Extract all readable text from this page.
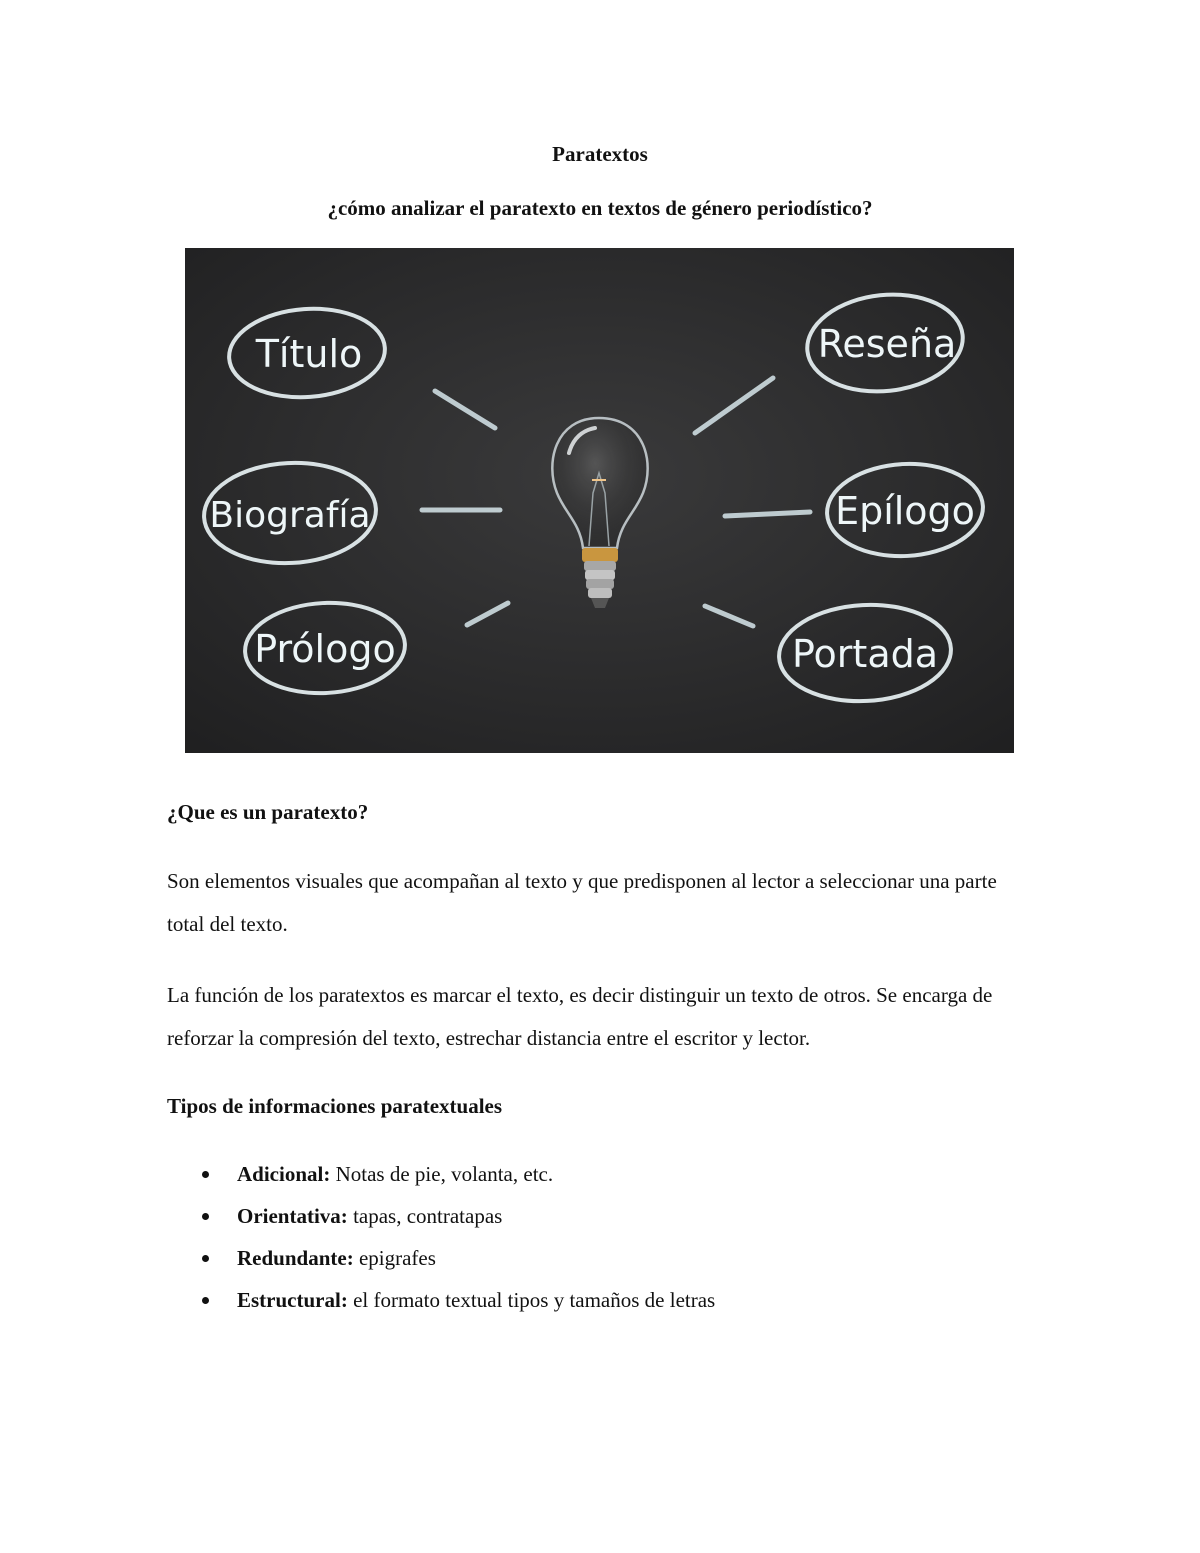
Paratextos
¿cómo analizar el paratexto en textos de género periodístico?
Título
Biografía
Prólogo
Reseña
Epílogo
Portada
¿Que es un paratexto?

Son elementos visuales que acompañan al texto y que predisponen al lector a seleccionar una parte total del texto.

La función de los paratextos es marcar el texto, es decir distinguir un texto de otros. Se encarga de reforzar la compresión del texto, estrechar distancia entre el escritor y lector.

Tipos de informaciones paratextuales
Adicional: Notas de pie, volanta, etc.
Orientativa: tapas, contratapas
Redundante: epigrafes
Estructural: el formato textual tipos y tamaños de letras
